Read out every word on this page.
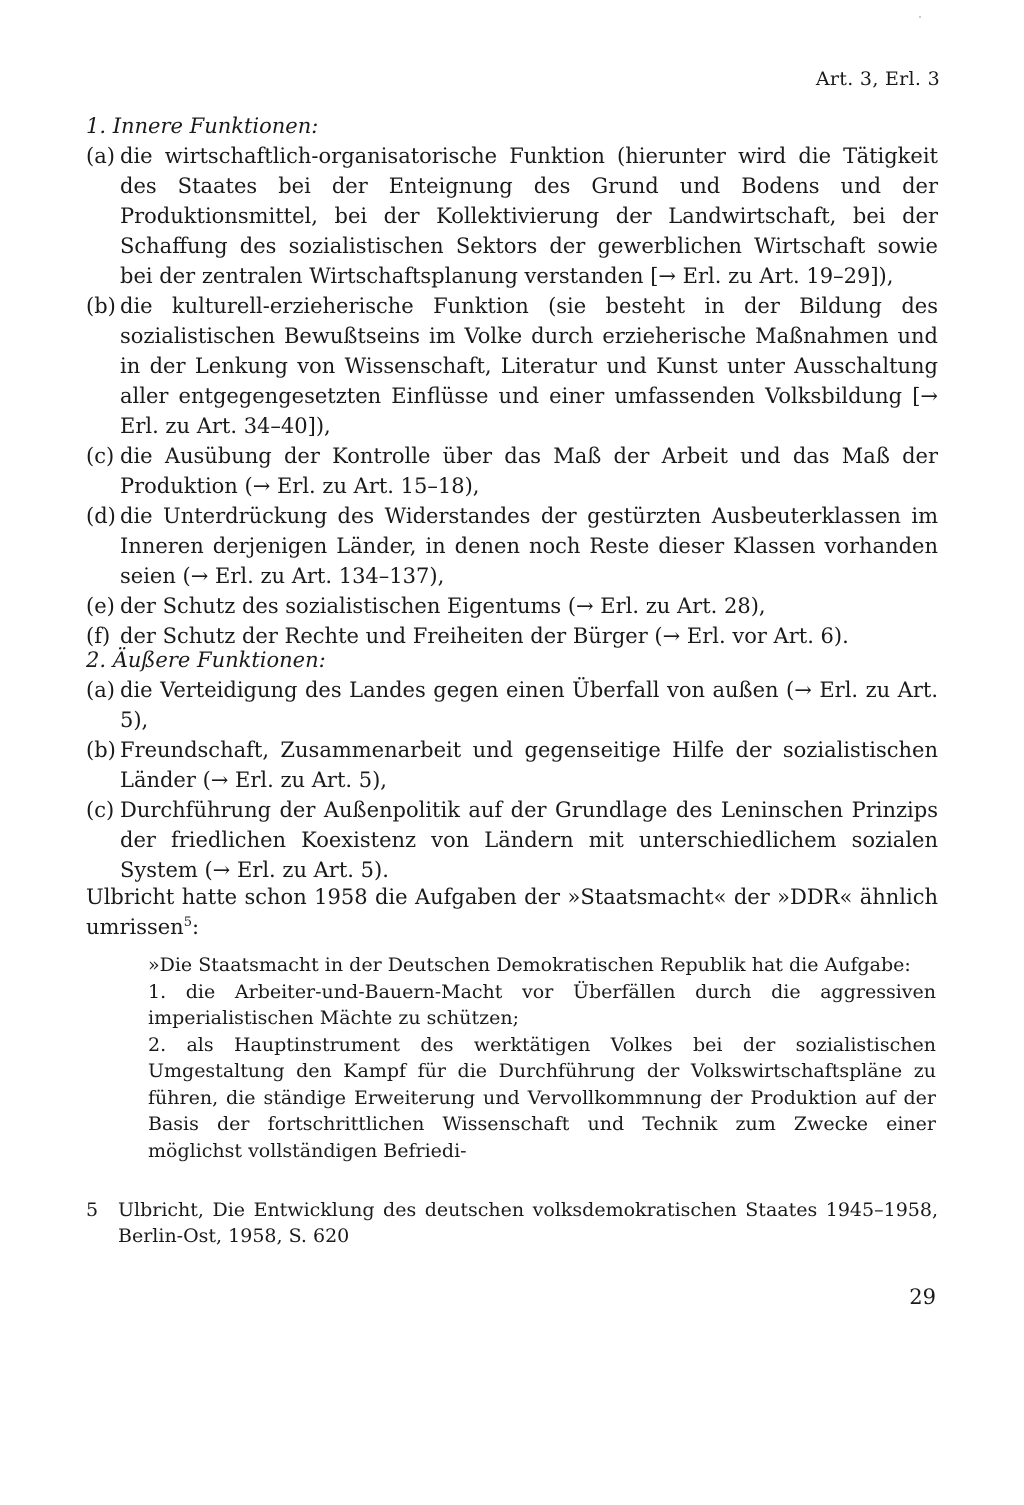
Art. 3, Erl. 3

1. Innere Funktionen:

(a) die wirtschaftlich-organisatorische Funktion (hierunter wird die Tätigkeit des Staates bei der Enteignung des Grund und Bodens und der Produktionsmittel, bei der Kollektivierung der Landwirtschaft, bei der Schaffung des sozialistischen Sektors der gewerblichen Wirtschaft sowie bei der zentralen Wirtschaftsplanung verstanden [→ Erl. zu Art. 19–29]),
(b) die kulturell-erzieherische Funktion (sie besteht in der Bildung des sozialistischen Bewußtseins im Volke durch erzieherische Maßnahmen und in der Lenkung von Wissenschaft, Literatur und Kunst unter Ausschaltung aller entgegengesetzten Einflüsse und einer umfassenden Volksbildung [→ Erl. zu Art. 34–40]),
(c) die Ausübung der Kontrolle über das Maß der Arbeit und das Maß der Produktion (→ Erl. zu Art. 15–18),
(d) die Unterdrückung des Widerstandes der gestürzten Ausbeuterklassen im Inneren derjenigen Länder, in denen noch Reste dieser Klassen vorhanden seien (→ Erl. zu Art. 134–137),
(e) der Schutz des sozialistischen Eigentums (→ Erl. zu Art. 28),
(f) der Schutz der Rechte und Freiheiten der Bürger (→ Erl. vor Art. 6).

2. Äußere Funktionen:

(a) die Verteidigung des Landes gegen einen Überfall von außen (→ Erl. zu Art. 5),
(b) Freundschaft, Zusammenarbeit und gegenseitige Hilfe der sozialistischen Länder (→ Erl. zu Art. 5),
(c) Durchführung der Außenpolitik auf der Grundlage des Leninschen Prinzips der friedlichen Koexistenz von Ländern mit unterschiedlichem sozialen System (→ Erl. zu Art. 5).

Ulbricht hatte schon 1958 die Aufgaben der »Staatsmacht« der »DDR« ähnlich umrissen$^5$:

»Die Staatsmacht in der Deutschen Demokratischen Republik hat die Aufgabe:

1. die Arbeiter-und-Bauern-Macht vor Überfällen durch die aggressiven imperialistischen Mächte zu schützen;

2. als Hauptinstrument des werktätigen Volkes bei der sozialistischen Umgestaltung den Kampf für die Durchführung der Volkswirtschaftspläne zu führen, die ständige Erweiterung und Vervollkommnung der Produktion auf der Basis der fortschrittlichen Wissenschaft und Technik zum Zwecke einer möglichst vollständigen Befriedi-

5	Ulbricht, Die Entwicklung des deutschen volksdemokratischen Staates 1945–1958, Berlin-Ost, 1958, S. 620
29
